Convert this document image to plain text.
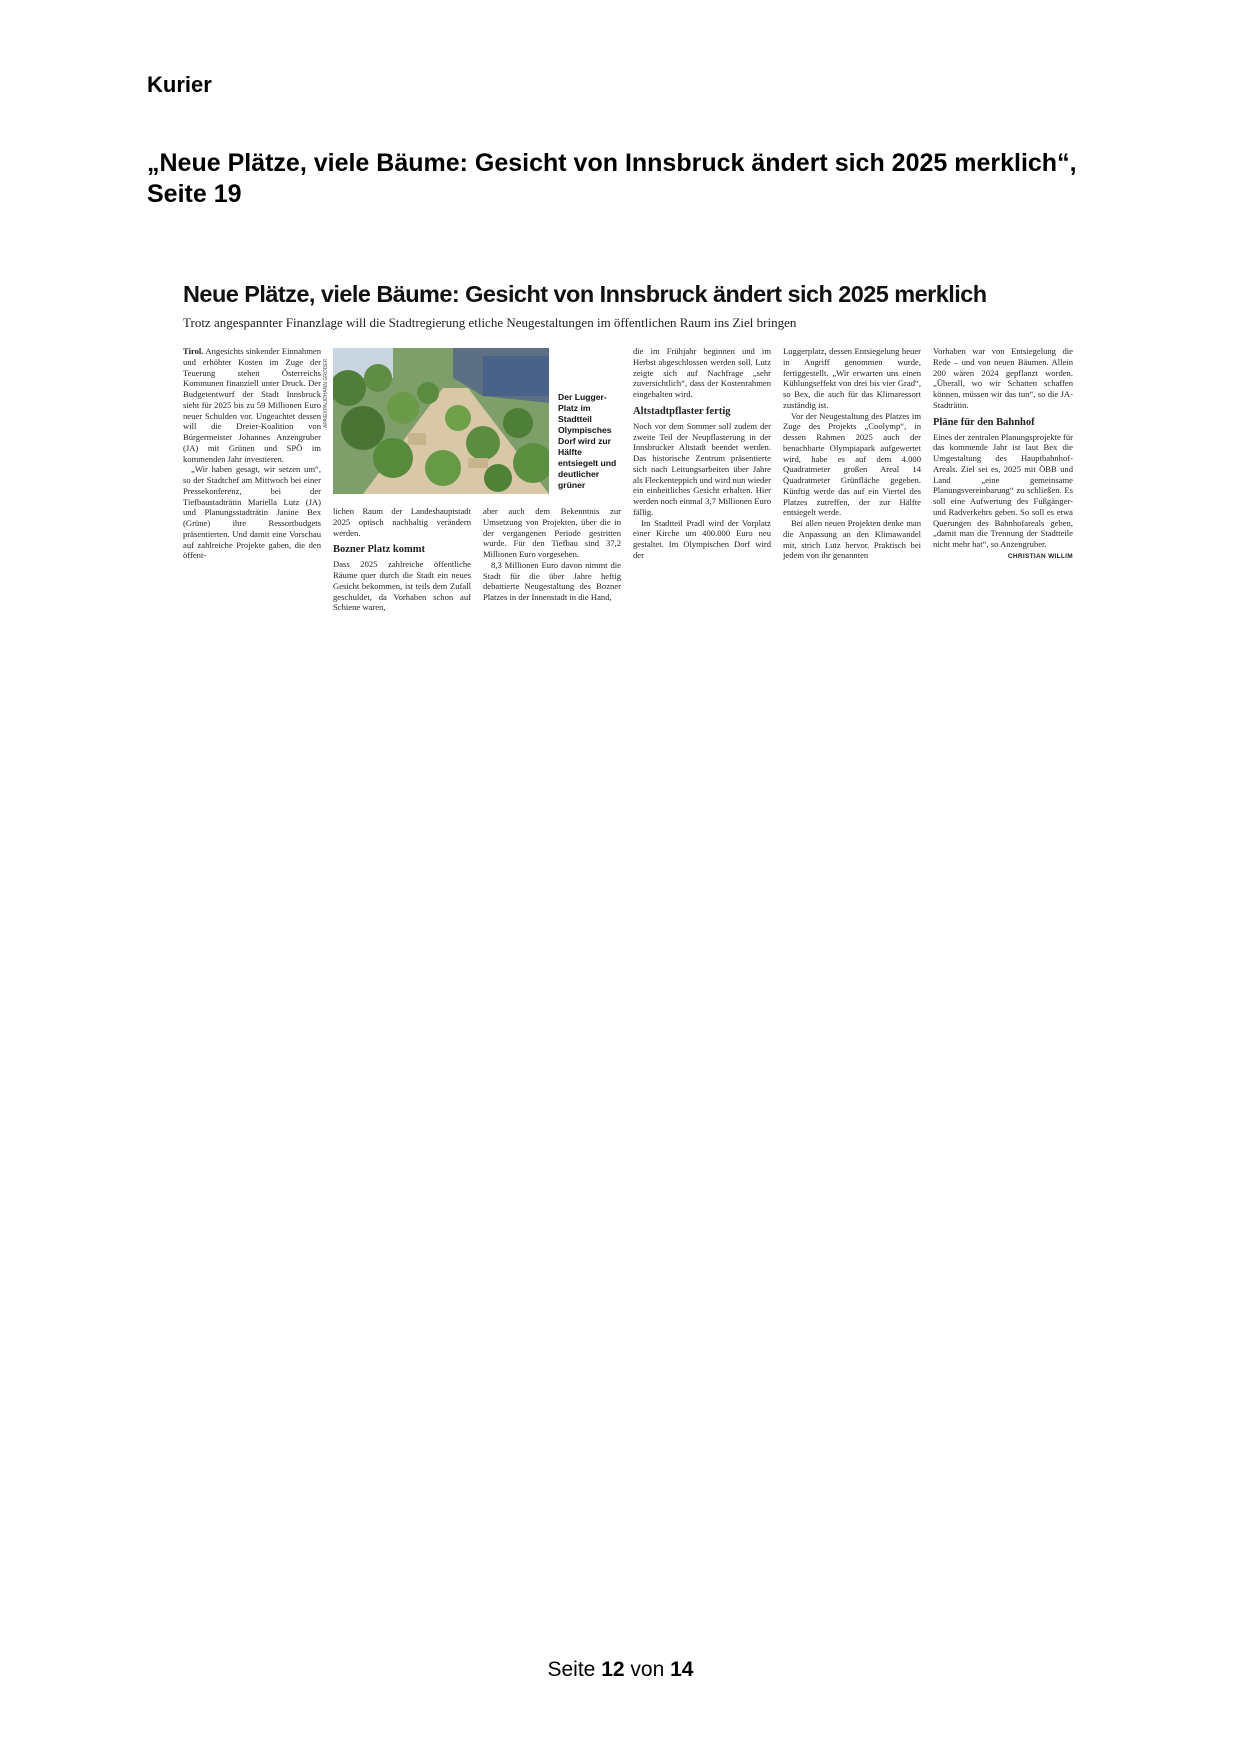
Kurier
„Neue Plätze, viele Bäume: Gesicht von Innsbruck ändert sich 2025 merklich“, Seite 19
Neue Plätze, viele Bäume: Gesicht von Innsbruck ändert sich 2025 merklich
Trotz angespannter Finanzlage will die Stadtregierung etliche Neugestaltungen im öffentlichen Raum ins Ziel bringen

Tirol. Angesichts sinkender Einnahmen und erhöhter Kosten im Zuge der Teuerung stehen Österreichs Kommunen finanziell unter Druck. Der Budgetentwurf der Stadt Innsbruck sieht für 2025 bis zu 59 Millionen Euro neuer Schulden vor. Ungeachtet dessen will die Dreier-Koalition von Bürgermeister Johannes Anzengruber (JA) mit Grünen und SPÖ im kommenden Jahr investieren.

„Wir haben gesagt, wir setzen um“, so der Stadtchef am Mittwoch bei einer Pressekonferenz, bei der Tiefbaustadträtin Mariella Lutz (JA) und Planungsstadträtin Janine Bex (Grüne) ihre Ressortbudgets präsentierten. Und damit eine Vorschau auf zahlreiche Projekte gaben, die den öffent-

APA/EXPA/JOHANN GRODER	Der Lugger-Platz im Stadtteil Olympisches Dorf wird zur Hälfte entsiegelt und deutlicher grüner

lichen Raum der Landeshauptstadt 2025 optisch nachhaltig verändern werden.

Bozner Platz kommt

Dass 2025 zahlreiche öffentliche Räume quer durch die Stadt ein neues Gesicht bekommen, ist teils dem Zufall geschuldet, da Vorhaben schon auf Schiene waren,

aber auch dem Bekenntnis zur Umsetzung von Projekten, über die in der vergangenen Periode gestritten wurde. Für den Tiefbau sind 37,2 Millionen Euro vorgesehen.

8,3 Millionen Euro davon nimmt die Stadt für die über Jahre heftig debattierte Neugestaltung des Bozner Platzes in der Innenstadt in die Hand,

die im Frühjahr beginnen und im Herbst abgeschlossen werden soll. Lutz zeigte sich auf Nachfrage „sehr zuversichtlich“, dass der Kostenrahmen eingehalten wird.

Altstadtpflaster fertig

Noch vor dem Sommer soll zudem der zweite Teil der Neupflasterung in der Innsbrucker Altstadt beendet werden. Das historische Zentrum präsentierte sich nach Leitungsarbeiten über Jahre als Fleckenteppich und wird nun wieder ein einheitliches Gesicht erhalten. Hier werden noch einmal 3,7 Millionen Euro fällig.

Im Stadtteil Pradl wird der Vorplatz einer Kirche um 400.000 Euro neu gestaltet. Im Olympischen Dorf wird der

Luggerplatz, dessen Entsiegelung heuer in Angriff genommen wurde, fertiggestellt. „Wir erwarten uns einen Kühlungseffekt von drei bis vier Grad“, so Bex, die auch für das Klimaressort zuständig ist.

Vor der Neugestaltung des Platzes im Zuge des Projekts „Coolymp“, in dessen Rahmen 2025 auch der benachbarte Olympiapark aufgewertet wird, habe es auf dem 4.000 Quadratmeter großen Areal 14 Quadratmeter Grünfläche gegeben. Künftig werde das auf ein Viertel des Platzes zutreffen, der zur Hälfte entsiegelt werde.

Bei allen neuen Projekten denke man die Anpassung an den Klimawandel mit, strich Lutz hervor. Praktisch bei jedem von ihr genannten

Vorhaben war von Entsiegelung die Rede – und von neuen Bäumen. Allein 200 wären 2024 gepflanzt worden. „Überall, wo wir Schatten schaffen können, müssen wir das tun“, so die JA-Stadträtin.

Pläne für den Bahnhof

Eines der zentralen Planungsprojekte für das kommende Jahr ist laut Bex die Umgestaltung des Hauptbahnhof-Areals. Ziel sei es, 2025 mit ÖBB und Land „eine gemeinsame Planungsvereinbarung“ zu schließen. Es soll eine Aufwertung des Fußgänger- und Radverkehrs geben. So soll es etwa Querungen des Bahnhofareals geben, „damit man die Trennung der Stadtteile nicht mehr hat“, so Anzengruber.

CHRISTIAN WILLIM
Seite 12 von 14
